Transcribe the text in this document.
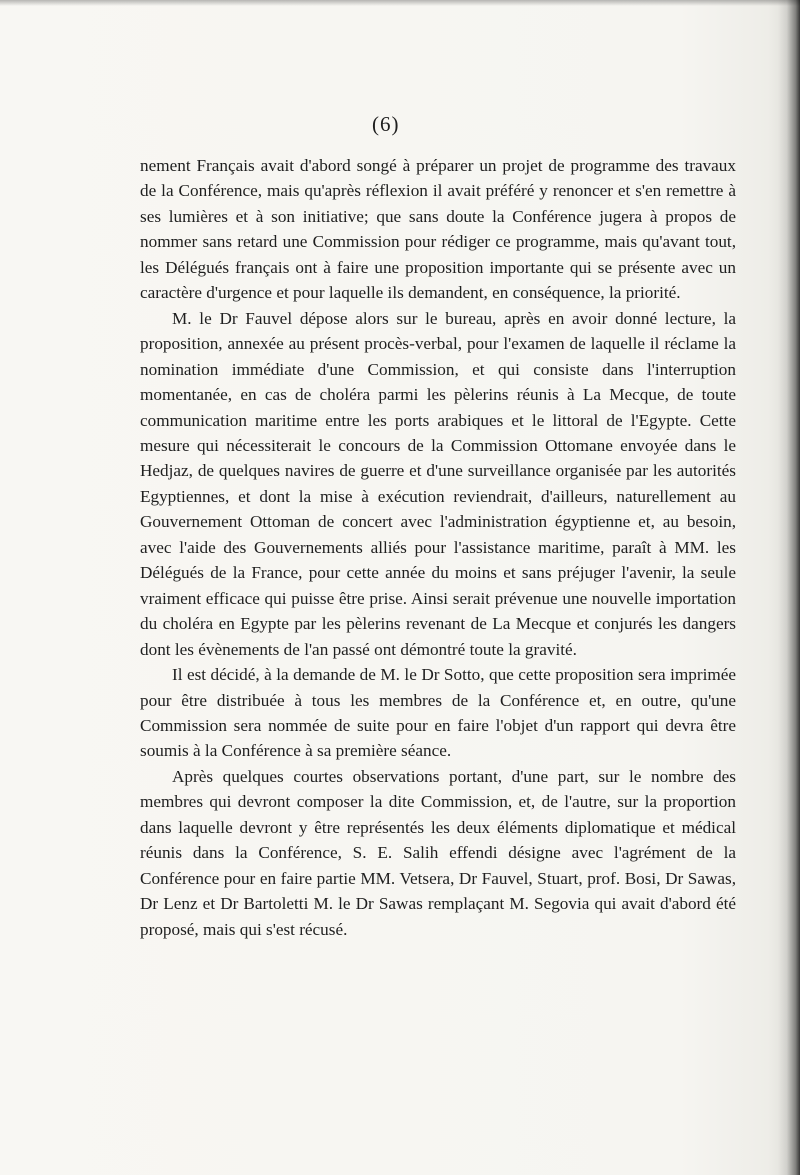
(6)

nement Français avait d'abord songé à préparer un projet de programme des travaux de la Conférence, mais qu'après réflexion il avait préféré y renoncer et s'en remettre à ses lumières et à son initiative; que sans doute la Conférence jugera à propos de nommer sans retard une Commission pour rédiger ce programme, mais qu'avant tout, les Délégués français ont à faire une proposition importante qui se présente avec un caractère d'urgence et pour laquelle ils demandent, en conséquence, la priorité.

M. le Dr Fauvel dépose alors sur le bureau, après en avoir donné lecture, la proposition, annexée au présent procès-verbal, pour l'examen de laquelle il réclame la nomination immédiate d'une Commission, et qui consiste dans l'interruption momentanée, en cas de choléra parmi les pèlerins réunis à La Mecque, de toute communication maritime entre les ports arabiques et le littoral de l'Egypte. Cette mesure qui nécessiterait le concours de la Commission Ottomane envoyée dans le Hedjaz, de quelques navires de guerre et d'une surveillance organisée par les autorités Egyptiennes, et dont la mise à exécution reviendrait, d'ailleurs, naturellement au Gouvernement Ottoman de concert avec l'administration égyptienne et, au besoin, avec l'aide des Gouvernements alliés pour l'assistance maritime, paraît à MM. les Délégués de la France, pour cette année du moins et sans préjuger l'avenir, la seule vraiment efficace qui puisse être prise. Ainsi serait prévenue une nouvelle importation du choléra en Egypte par les pèlerins revenant de La Mecque et conjurés les dangers dont les évènements de l'an passé ont démontré toute la gravité.

Il est décidé, à la demande de M. le Dr Sotto, que cette proposition sera imprimée pour être distribuée à tous les membres de la Conférence et, en outre, qu'une Commission sera nommée de suite pour en faire l'objet d'un rapport qui devra être soumis à la Conférence à sa première séance.

Après quelques courtes observations portant, d'une part, sur le nombre des membres qui devront composer la dite Commission, et, de l'autre, sur la proportion dans laquelle devront y être représentés les deux éléments diplomatique et médical réunis dans la Conférence, S. E. Salih effendi désigne avec l'agrément de la Conférence pour en faire partie MM. Vetsera, Dr Fauvel, Stuart, prof. Bosi, Dr Sawas, Dr Lenz et Dr Bartoletti M. le Dr Sawas remplaçant M. Segovia qui avait d'abord été proposé, mais qui s'est récusé.
